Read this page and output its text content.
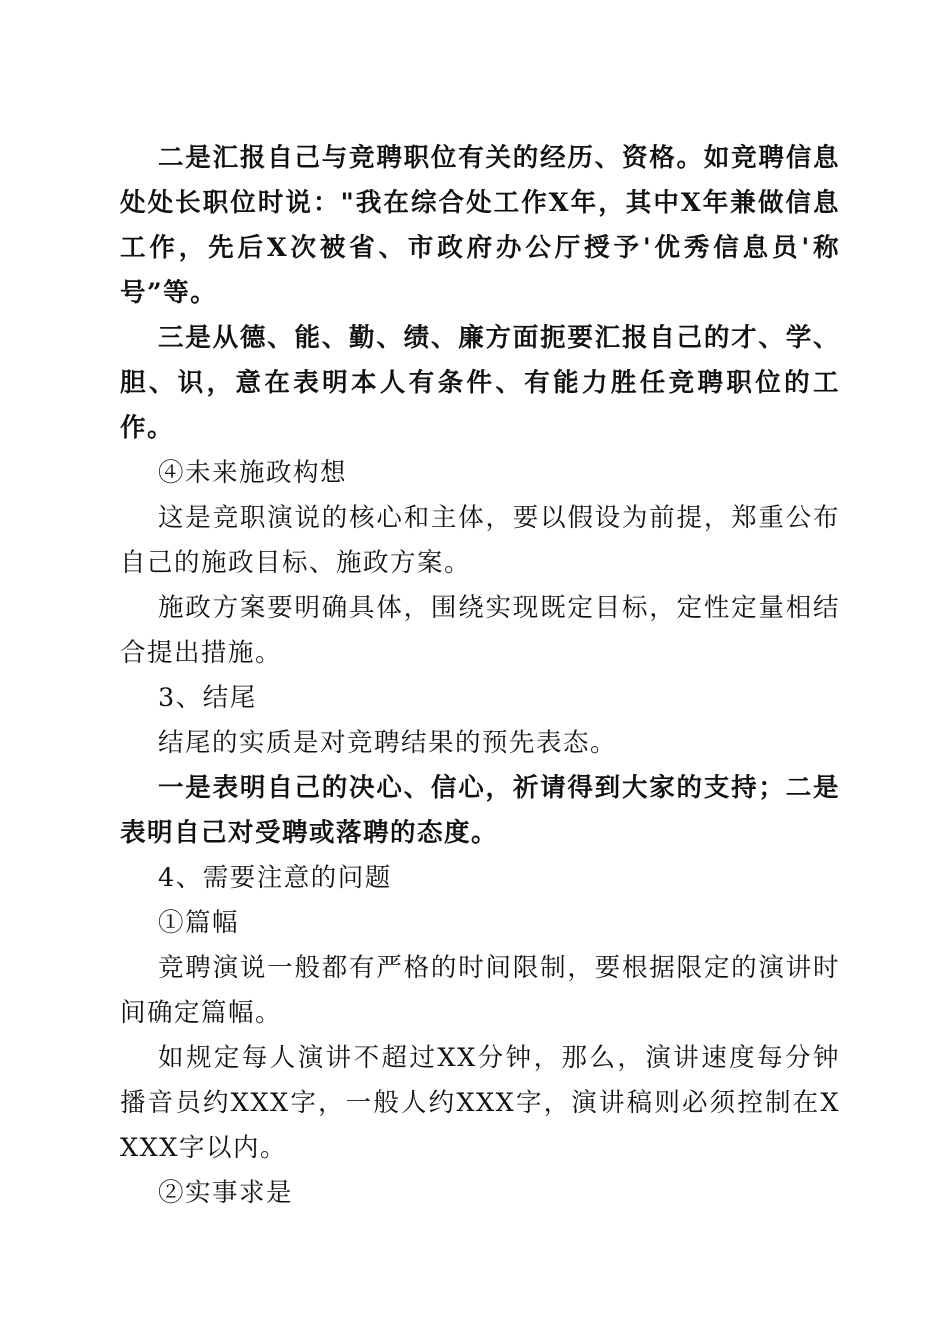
二是汇报自己与竞聘职位有关的经历、资格。如竞聘信息处处长职位时说："我在综合处工作X年，其中X年兼做信息工作，先后X次被省、市政府办公厅授予'优秀信息员'称号”等。

三是从德、能、勤、绩、廉方面扼要汇报自己的才、学、胆、识，意在表明本人有条件、有能力胜任竞聘职位的工作。

④未来施政构想

这是竞职演说的核心和主体，要以假设为前提，郑重公布自己的施政目标、施政方案。

施政方案要明确具体，围绕实现既定目标，定性定量相结合提出措施。

3、结尾

结尾的实质是对竞聘结果的预先表态。

一是表明自己的决心、信心，祈请得到大家的支持；二是表明自己对受聘或落聘的态度。

4、需要注意的问题

①篇幅

竞聘演说一般都有严格的时间限制，要根据限定的演讲时间确定篇幅。

如规定每人演讲不超过XX分钟，那么，演讲速度每分钟播音员约XXX字，一般人约XXX字，演讲稿则必须控制在XXXX字以内。

②实事求是
